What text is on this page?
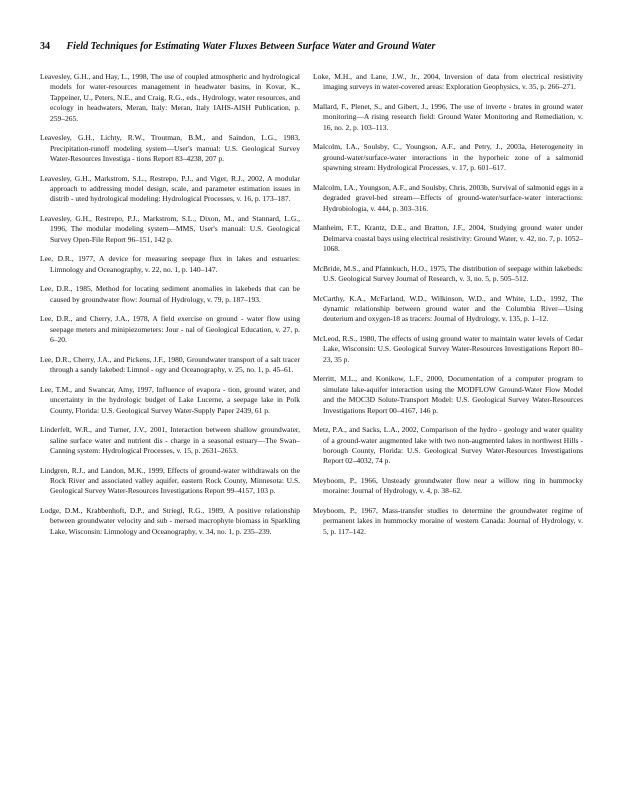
34 Field Techniques for Estimating Water Fluxes Between Surface Water and Ground Water

Leavesley, G.H., and Hay, L., 1998, The use of coupled atmospheric and hydrological models for water-resources management in headwater basins, in Kovar, K., Tappeiner, U., Peters, N.E., and Craig, R.G., eds., Hydrology, water resources, and ecology in headwaters, Meran, Italy: Meran, Italy IAHS-AISH Publication, p. 259–265.

Leavesley, G.H., Lichty, R.W., Troutman, B.M., and Saindon, L.G., 1983, Precipitation-runoff modeling system—User's manual: U.S. Geological Survey Water-Resources Investiga - tions Report 83–4238, 207 p.

Leavesley, G.H., Markstrom, S.L., Restrepo, P.J., and Viger, R.J., 2002, A modular approach to addressing model design, scale, and parameter estimation issues in distrib - uted hydrological modeling: Hydrological Processes, v. 16, p. 173–187.

Leavesley, G.H., Restrepo, P.J., Markstrom, S.L., Dixon, M., and Stannard, L.G., 1996, The modular modeling system—MMS, User's manual: U.S. Geological Survey Open-File Report 96–151, 142 p.

Lee, D.R., 1977, A device for measuring seepage flux in lakes and estuaries: Limnology and Oceanography, v. 22, no. 1, p. 140–147.

Lee, D.R., 1985, Method for locating sediment anomalies in lakebeds that can be caused by groundwater flow: Journal of Hydrology, v. 79, p. 187–193.

Lee, D.R., and Cherry, J.A., 1978, A field exercise on ground - water flow using seepage meters and minipiezometers: Jour - nal of Geological Education, v. 27, p. 6–20.

Lee, D.R., Cherry, J.A., and Pickens, J.F., 1980, Groundwater transport of a salt tracer through a sandy lakebed: Limnol - ogy and Oceanography, v. 25, no. 1, p. 45–61.

Lee, T.M., and Swancar, Amy, 1997, Influence of evapora - tion, ground water, and uncertainty in the hydrologic budget of Lake Lucerne, a seepage lake in Polk County, Florida: U.S. Geological Survey Water-Supply Paper 2439, 61 p.

Linderfelt, W.R., and Turner, J.V., 2001, Interaction between shallow groundwater, saline surface water and nutrient dis - charge in a seasonal estuary—The Swan–Canning system: Hydrological Processes, v. 15, p. 2631–2653.

Lindgren, R.J., and Landon, M.K., 1999, Effects of ground-water withdrawals on the Rock River and associated valley aquifer, eastern Rock County, Minnesota: U.S. Geological Survey Water-Resources Investigations Report 99–4157, 103 p.

Lodge, D.M., Krabbenhoft, D.P., and Striegl, R.G., 1989, A positive relationship between groundwater velocity and sub - mersed macrophyte biomass in Sparkling Lake, Wisconsin: Limnology and Oceanography, v. 34, no. 1, p. 235–239.

Loke, M.H., and Lane, J.W., Jr., 2004, Inversion of data from electrical resistivity imaging surveys in water-covered areas: Exploration Geophysics, v. 35, p. 266–271.

Mallard, F., Plenet, S., and Gibert, J., 1996, The use of inverte - brates in ground water monitoring—A rising research field: Ground Water Monitoring and Remediation, v. 16, no. 2, p. 103–113.

Malcolm, I.A., Soulsby, C., Youngson, A.F., and Petry, J., 2003a, Heterogeneity in ground-water/surface-water interactions in the hyporheic zone of a salmonid spawning stream: Hydrological Processes, v. 17, p. 601–617.

Malcolm, I.A., Youngson, A.F., and Soulsby, Chris, 2003b, Survival of salmonid eggs in a degraded gravel-bed stream—Effects of ground-water/surface-water interactions: Hydrobiologia, v. 444, p. 303–316.

Manheim, F.T., Krantz, D.E., and Bratton, J.F., 2004, Studying ground water under Delmarva coastal bays using electrical resistivity: Ground Water, v. 42, no. 7, p. 1052–1068.

McBride, M.S., and Pfannkuch, H.O., 1975, The distribution of seepage within lakebeds: U.S. Geological Survey Journal of Research, v. 3, no. 5, p. 505–512.

McCarthy, K.A., McFarland, W.D., Wilkinson, W.D., and White, L.D., 1992, The dynamic relationship between ground water and the Columbia River—Using deuterium and oxygen-18 as tracers: Journal of Hydrology, v. 135, p. 1–12.

McLeod, R.S., 1980, The effects of using ground water to maintain water levels of Cedar Lake, Wisconsin: U.S. Geological Survey Water-Resources Investigations Report 80–23, 35 p.

Merritt, M.L., and Konikow, L.F., 2000, Documentation of a computer program to simulate lake-aquifer interaction using the MODFLOW Ground-Water Flow Model and the MOC3D Solute-Transport Model: U.S. Geological Survey Water-Resources Investigations Report 00–4167, 146 p.

Metz, P.A., and Sacks, L.A., 2002, Comparison of the hydro - geology and water quality of a ground-water augmented lake with two non-augmented lakes in northwest Hills - borough County, Florida: U.S. Geological Survey Water-Resources Investigations Report 02–4032, 74 p.

Meyboom, P., 1966, Unsteady groundwater flow near a willow ring in hummocky moraine: Journal of Hydrology, v. 4, p. 38–62.

Meyboom, P., 1967, Mass-transfer studies to determine the groundwater regime of permanent lakes in hummocky moraine of western Canada: Journal of Hydrology, v. 5, p. 117–142.
